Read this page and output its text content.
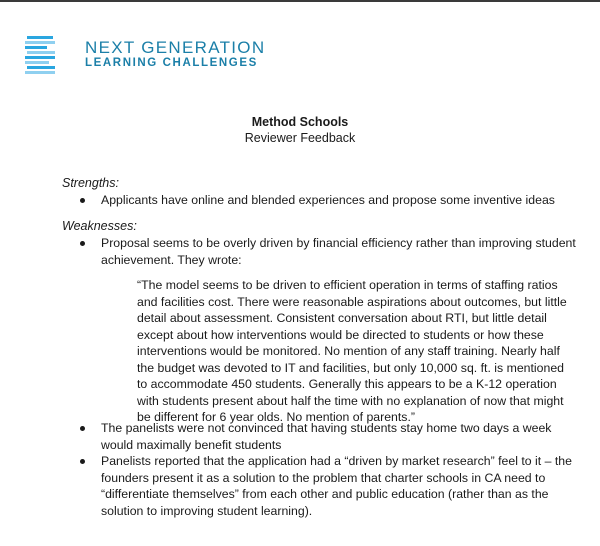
NEXT GENERATION
LEARNING CHALLENGES
Method Schools
Reviewer Feedback
Strengths:
Applicants have online and blended experiences and propose some inventive ideas
Weaknesses:
Proposal seems to be overly driven by financial efficiency rather than improving student achievement. They wrote:
“The model seems to be driven to efficient operation in terms of staffing ratios and facilities cost. There were reasonable aspirations about outcomes, but little detail about assessment. Consistent conversation about RTI, but little detail except about how interventions would be directed to students or how these interventions would be monitored. No mention of any staff training. Nearly half the budget was devoted to IT and facilities, but only 10,000 sq. ft. is mentioned to accommodate 450 students. Generally this appears to be a K-12 operation with students present about half the time with no explanation of now that might be different for 6 year olds. No mention of parents.”
The panelists were not convinced that having students stay home two days a week would maximally benefit students
Panelists reported that the application had a “driven by market research” feel to it – the founders present it as a solution to the problem that charter schools in CA need to “differentiate themselves” from each other and public education (rather than as the solution to improving student learning).
